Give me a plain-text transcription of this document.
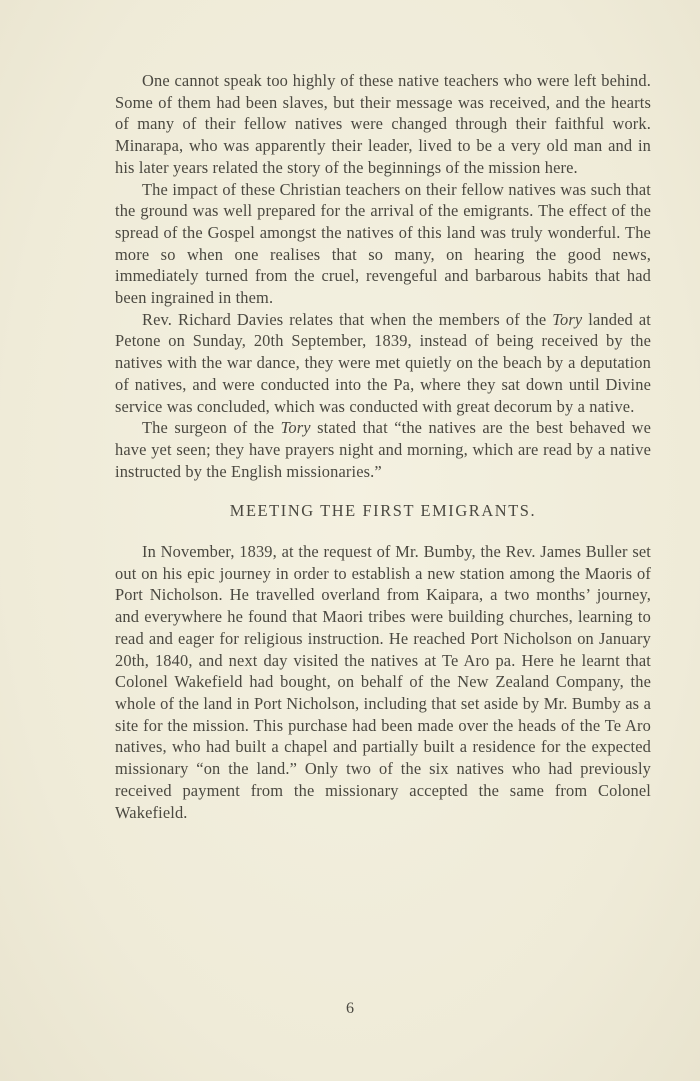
One cannot speak too highly of these native teachers who were left behind. Some of them had been slaves, but their message was received, and the hearts of many of their fellow natives were changed through their faithful work. Minarapa, who was apparently their leader, lived to be a very old man and in his later years related the story of the beginnings of the mission here.

The impact of these Christian teachers on their fellow natives was such that the ground was well prepared for the arrival of the emigrants. The effect of the spread of the Gospel amongst the natives of this land was truly wonderful. The more so when one realises that so many, on hearing the good news, immediately turned from the cruel, revengeful and barbarous habits that had been ingrained in them.

Rev. Richard Davies relates that when the members of the Tory landed at Petone on Sunday, 20th September, 1839, instead of being received by the natives with the war dance, they were met quietly on the beach by a deputation of natives, and were conducted into the Pa, where they sat down until Divine service was concluded, which was conducted with great decorum by a native.

The surgeon of the Tory stated that “the natives are the best behaved we have yet seen; they have prayers night and morning, which are read by a native instructed by the English missionaries.”

MEETING THE FIRST EMIGRANTS.

In November, 1839, at the request of Mr. Bumby, the Rev. James Buller set out on his epic journey in order to establish a new station among the Maoris of Port Nicholson. He travelled overland from Kaipara, a two months’ journey, and everywhere he found that Maori tribes were building churches, learning to read and eager for religious instruction. He reached Port Nicholson on January 20th, 1840, and next day visited the natives at Te Aro pa. Here he learnt that Colonel Wakefield had bought, on behalf of the New Zealand Company, the whole of the land in Port Nicholson, including that set aside by Mr. Bumby as a site for the mission. This purchase had been made over the heads of the Te Aro natives, who had built a chapel and partially built a residence for the expected missionary “on the land.” Only two of the six natives who had previously received payment from the missionary accepted the same from Colonel Wakefield.

6
